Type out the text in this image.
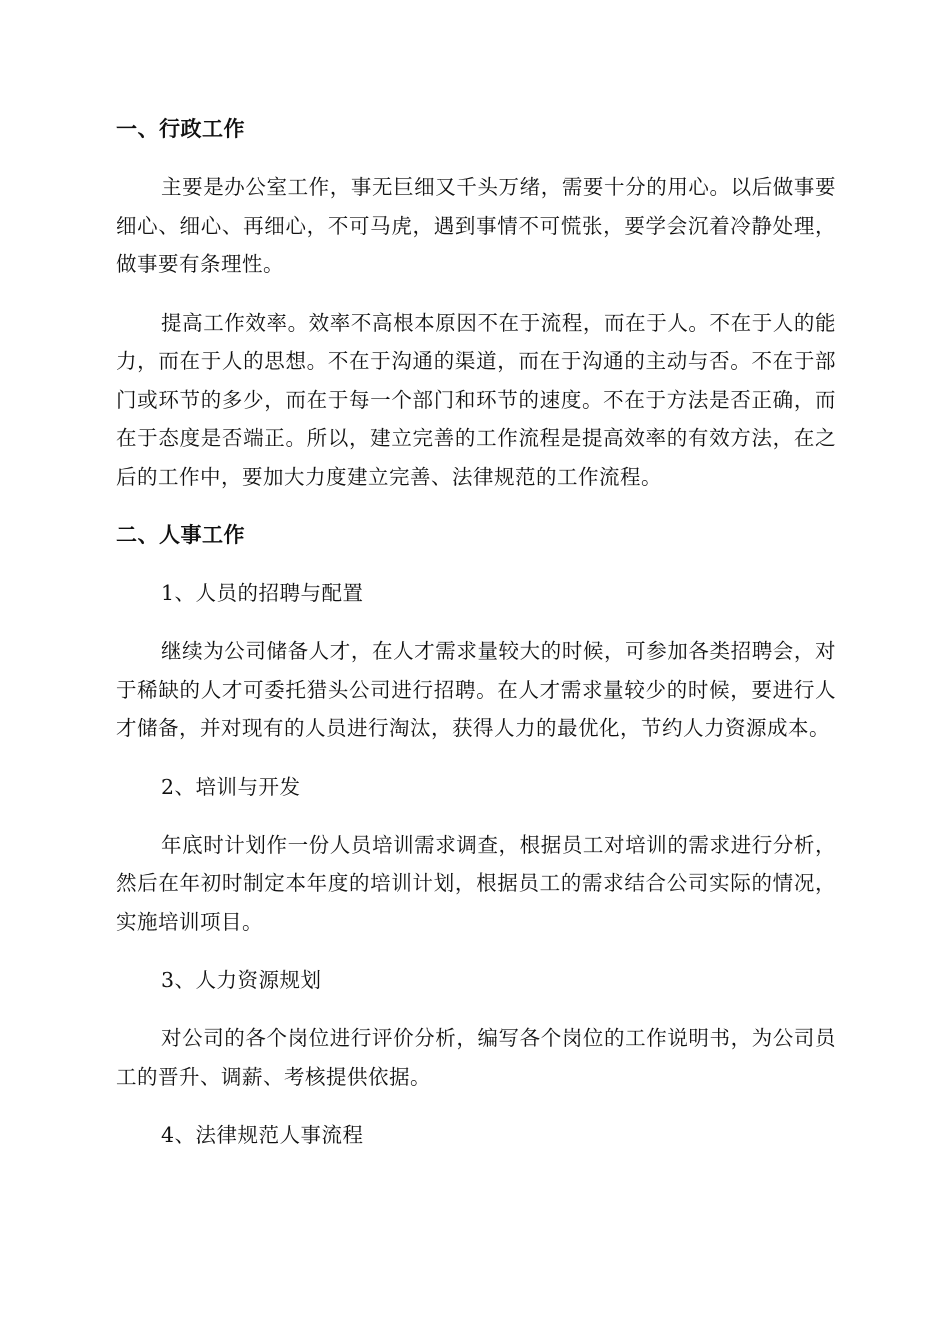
一、行政工作

主要是办公室工作，事无巨细又千头万绪，需要十分的用心。以后做事要细心、细心、再细心，不可马虎，遇到事情不可慌张，要学会沉着冷静处理，做事要有条理性。

提高工作效率。效率不高根本原因不在于流程，而在于人。不在于人的能力，而在于人的思想。不在于沟通的渠道，而在于沟通的主动与否。不在于部门或环节的多少，而在于每一个部门和环节的速度。不在于方法是否正确，而在于态度是否端正。所以，建立完善的工作流程是提高效率的有效方法，在之后的工作中，要加大力度建立完善、法律规范的工作流程。

二、人事工作

1、人员的招聘与配置

继续为公司储备人才，在人才需求量较大的时候，可参加各类招聘会，对于稀缺的人才可委托猎头公司进行招聘。在人才需求量较少的时候，要进行人才储备，并对现有的人员进行淘汰，获得人力的最优化，节约人力资源成本。

2、培训与开发

年底时计划作一份人员培训需求调查，根据员工对培训的需求进行分析，然后在年初时制定本年度的培训计划，根据员工的需求结合公司实际的情况，实施培训项目。

3、人力资源规划

对公司的各个岗位进行评价分析，编写各个岗位的工作说明书，为公司员工的晋升、调薪、考核提供依据。

4、法律规范人事流程
